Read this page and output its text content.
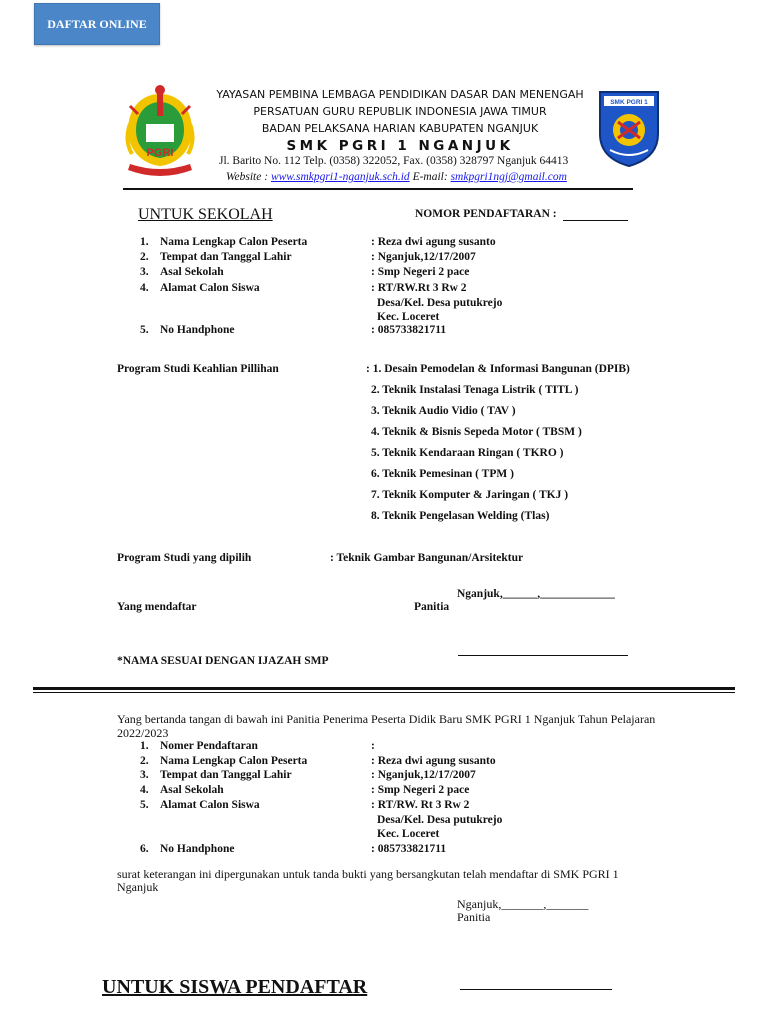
DAFTAR ONLINE
PGRI
SMK PGRI 1
YAYASAN PEMBINA LEMBAGA PENDIDIKAN DASAR DAN MENENGAH
PERSATUAN GURU REPUBLIK INDONESIA JAWA TIMUR
BADAN PELAKSANA HARIAN KABUPATEN NGANJUK
SMK PGRI 1 NGANJUK
Jl. Barito No. 112 Telp. (0358) 322052, Fax. (0358) 328797 Nganjuk 64413
Website : www.smkpgri1-nganjuk.sch.id E-mail: smkpgri1ngj@gmail.com
UNTUK SEKOLAH	NOMOR PENDAFTARAN :
1. Nama Lengkap Calon Peserta	: Reza dwi agung susanto
2. Tempat dan Tanggal Lahir	: Nganjuk,12/17/2007
3. Asal Sekolah	: Smp Negeri 2 pace
4. Alamat Calon Siswa	: RT/RW.Rt 3 Rw 2
Desa/Kel. Desa putukrejo
Kec. Loceret
5. No Handphone	: 085733821711
Program Studi Keahlian Pillihan	: 1. Desain Pemodelan & Informasi Bangunan (DPIB)
2. Teknik Instalasi Tenaga Listrik ( TITL )
3. Teknik Audio Vidio ( TAV )
4. Teknik & Bisnis Sepeda Motor ( TBSM )
5. Teknik Kendaraan Ringan ( TKRO )
6. Teknik Pemesinan ( TPM )
7. Teknik Komputer & Jaringan ( TKJ )
8. Teknik Pengelasan Welding (Tlas)
Program Studi yang dipilih	: Teknik Gambar Bangunan/Arsitektur
Nganjuk,______,_____________
Yang mendaftar	Panitia
*NAMA SESUAI DENGAN IJAZAH SMP
Yang bertanda tangan di bawah ini Panitia Penerima Peserta Didik Baru SMK PGRI 1 Nganjuk Tahun Pelajaran
2022/2023
1. Nomer Pendaftaran	:
2. Nama Lengkap Calon Peserta	: Reza dwi agung susanto
3. Tempat dan Tanggal Lahir	: Nganjuk,12/17/2007
4. Asal Sekolah	: Smp Negeri 2 pace
5. Alamat Calon Siswa	: RT/RW. Rt 3 Rw 2
Desa/Kel. Desa putukrejo
Kec. Loceret
6. No Handphone	: 085733821711
surat keterangan ini dipergunakan untuk tanda bukti yang bersangkutan telah mendaftar di SMK PGRI 1
Nganjuk
Nganjuk,_______,_______
Panitia
UNTUK SISWA PENDAFTAR
